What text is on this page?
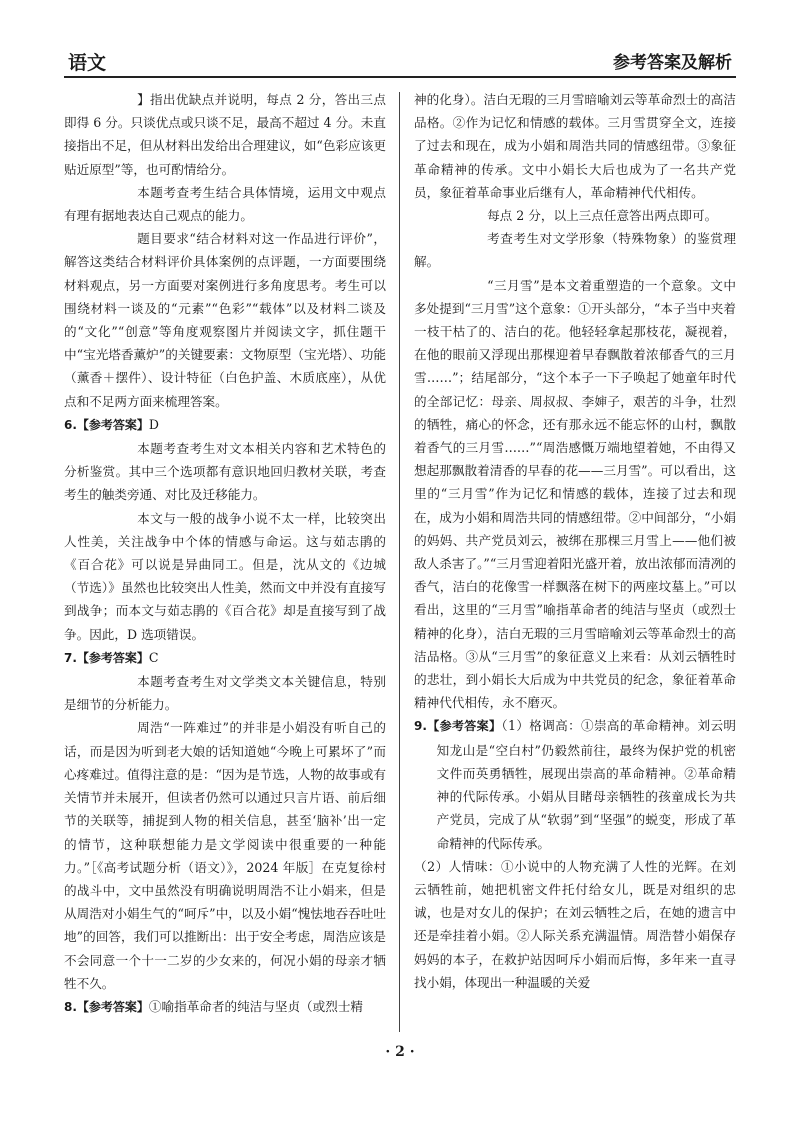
语文	参考答案及解析

】指出优缺点并说明，每点 2 分，答出三点即得 6 分。只谈优点或只谈不足，最高不超过 4 分。未直接指出不足，但从材料出发给出合理建议，如“色彩应该更贴近原型”等，也可酌情给分。

本题考查考生结合具体情境，运用文中观点有理有据地表达自己观点的能力。

题目要求“结合材料对这一作品进行评价”，解答这类结合材料评价具体案例的点评题，一方面要围绕材料观点，另一方面要对案例进行多角度思考。考生可以围绕材料一谈及的“元素”“色彩”“载体”以及材料二谈及的“文化”“创意”等角度观察图片并阅读文字，抓住题干中“宝光塔香薰炉”的关键要素：文物原型（宝光塔）、功能（薰香＋摆件）、设计特征（白色护盖、木质底座），从优点和不足两方面来梳理答案。

6.【参考答案】D

本题考查考生对文本相关内容和艺术特色的分析鉴赏。其中三个选项都有意识地回归教材关联，考查考生的触类旁通、对比及迁移能力。

本文与一般的战争小说不太一样，比较突出人性美，关注战争中个体的情感与命运。这与茹志鹃的《百合花》可以说是异曲同工。但是，沈从文的《边城（节选）》虽然也比较突出人性美，然而文中并没有直接写到战争；而本文与茹志鹃的《百合花》却是直接写到了战争。因此，D 选项错误。

7.【参考答案】C

本题考查考生对文学类文本关键信息，特别是细节的分析能力。

周浩“一阵难过”的并非是小娟没有听自己的话，而是因为听到老大娘的话知道她“今晚上可累坏了”而心疼难过。值得注意的是：“因为是节选，人物的故事或有关情节并未展开，但读者仍然可以通过只言片语、前后细节的关联等，捕捉到人物的相关信息，甚至‘脑补’出一定的情节，这种联想能力是文学阅读中很重要的一种能力。”［《高考试题分析（语文）》，2024 年版］在克复徐村的战斗中，文中虽然没有明确说明周浩不让小娟来，但是从周浩对小娟生气的“呵斥”中，以及小娟“愧怯地吞吞吐吐地”的回答，我们可以推断出：出于安全考虑，周浩应该是不会同意一个十一二岁的少女来的，何况小娟的母亲才牺牲不久。

8.【参考答案】①喻指革命者的纯洁与坚贞（或烈士精

神的化身）。洁白无瑕的三月雪暗喻刘云等革命烈士的高洁品格。②作为记忆和情感的载体。三月雪贯穿全文，连接了过去和现在，成为小娟和周浩共同的情感纽带。③象征革命精神的传承。文中小娟长大后也成为了一名共产党员，象征着革命事业后继有人，革命精神代代相传。

每点 2 分，以上三点任意答出两点即可。

考查考生对文学形象（特殊物象）的鉴赏理解。

“三月雪”是本文着重塑造的一个意象。文中多处提到“三月雪”这个意象：①开头部分，“本子当中夹着一枝干枯了的、洁白的花。他轻轻拿起那枝花，凝视着，在他的眼前又浮现出那棵迎着早春飘散着浓郁香气的三月雪……”；结尾部分，“这个本子一下子唤起了她童年时代的全部记忆：母亲、周叔叔、李婶子，艰苦的斗争，壮烈的牺牲，痛心的怀念，还有那永远不能忘怀的山村，飘散着香气的三月雪……”“周浩感慨万端地望着她，不由得又想起那飘散着清香的早春的花——三月雪”。可以看出，这里的“三月雪”作为记忆和情感的载体，连接了过去和现在，成为小娟和周浩共同的情感纽带。②中间部分，“小娟的妈妈、共产党员刘云，被绑在那棵三月雪上——他们被敌人杀害了。”“三月雪迎着阳光盛开着，放出浓郁而清冽的香气，洁白的花像雪一样飘落在树下的两座坟墓上。”可以看出，这里的“三月雪”喻指革命者的纯洁与坚贞（或烈士精神的化身），洁白无瑕的三月雪暗喻刘云等革命烈士的高洁品格。③从“三月雪”的象征意义上来看：从刘云牺牲时的悲壮，到小娟长大后成为中共党员的纪念，象征着革命精神代代相传，永不磨灭。

9.【参考答案】（1）格调高：①崇高的革命精神。刘云明知龙山是“空白村”仍毅然前往，最终为保护党的机密文件而英勇牺牲，展现出崇高的革命精神。②革命精神的代际传承。小娟从目睹母亲牺牲的孩童成长为共产党员，完成了从“软弱”到“坚强”的蜕变，形成了革命精神的代际传承。

（2）人情味：①小说中的人物充满了人性的光辉。在刘云牺牲前，她把机密文件托付给女儿，既是对组织的忠诚，也是对女儿的保护；在刘云牺牲之后，在她的遗言中还是牵挂着小娟。②人际关系充满温情。周浩替小娟保存妈妈的本子，在救护站因呵斥小娟而后悔，多年来一直寻找小娟，体现出一种温暖的关爱

· 2 ·
